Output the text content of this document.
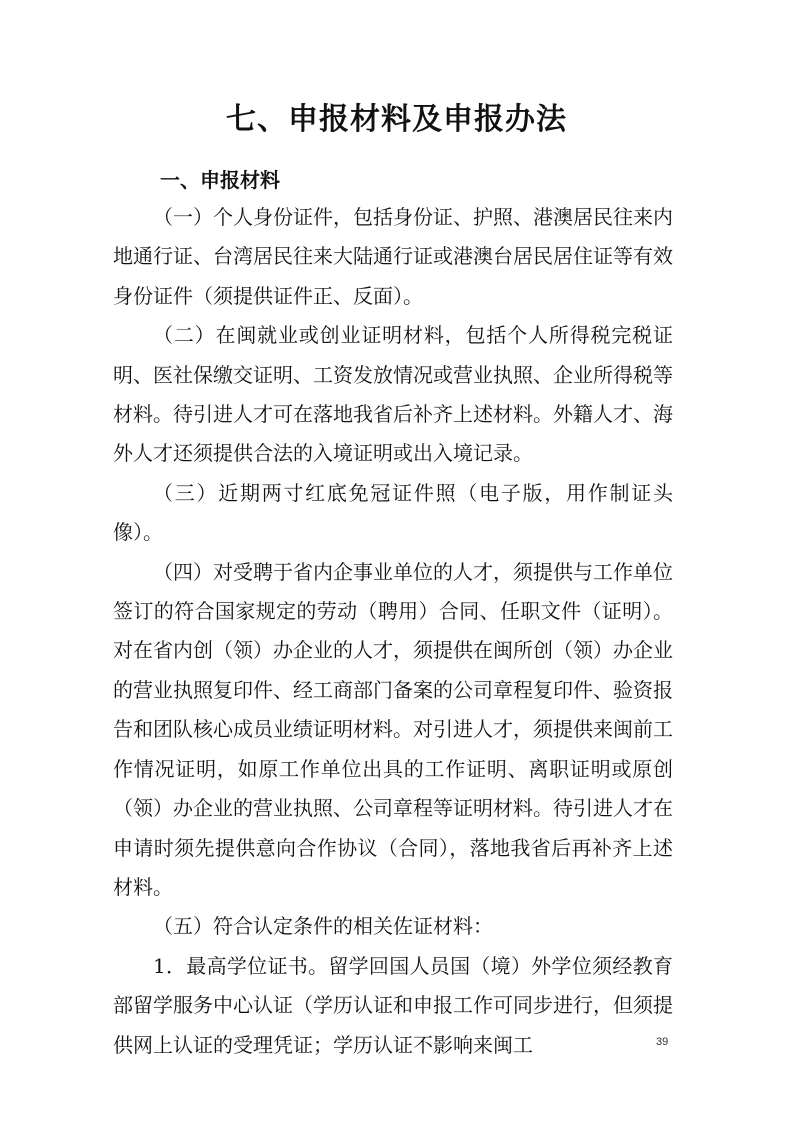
七、申报材料及申报办法
一、申报材料

（一）个人身份证件，包括身份证、护照、港澳居民往来内地通行证、台湾居民往来大陆通行证或港澳台居民居住证等有效身份证件（须提供证件正、反面）。

（二）在闽就业或创业证明材料，包括个人所得税完税证明、医社保缴交证明、工资发放情况或营业执照、企业所得税等材料。待引进人才可在落地我省后补齐上述材料。外籍人才、海外人才还须提供合法的入境证明或出入境记录。

（三）近期两寸红底免冠证件照（电子版，用作制证头像）。

（四）对受聘于省内企事业单位的人才，须提供与工作单位签订的符合国家规定的劳动（聘用）合同、任职文件（证明）。对在省内创（领）办企业的人才，须提供在闽所创（领）办企业的营业执照复印件、经工商部门备案的公司章程复印件、验资报告和团队核心成员业绩证明材料。对引进人才，须提供来闽前工作情况证明，如原工作单位出具的工作证明、离职证明或原创（领）办企业的营业执照、公司章程等证明材料。待引进人才在申请时须先提供意向合作协议（合同），落地我省后再补齐上述材料。

（五）符合认定条件的相关佐证材料：

1．最高学位证书。留学回国人员国（境）外学位须经教育部留学服务中心认证（学历认证和申报工作可同步进行，但须提供网上认证的受理凭证；学历认证不影响来闽工	39
